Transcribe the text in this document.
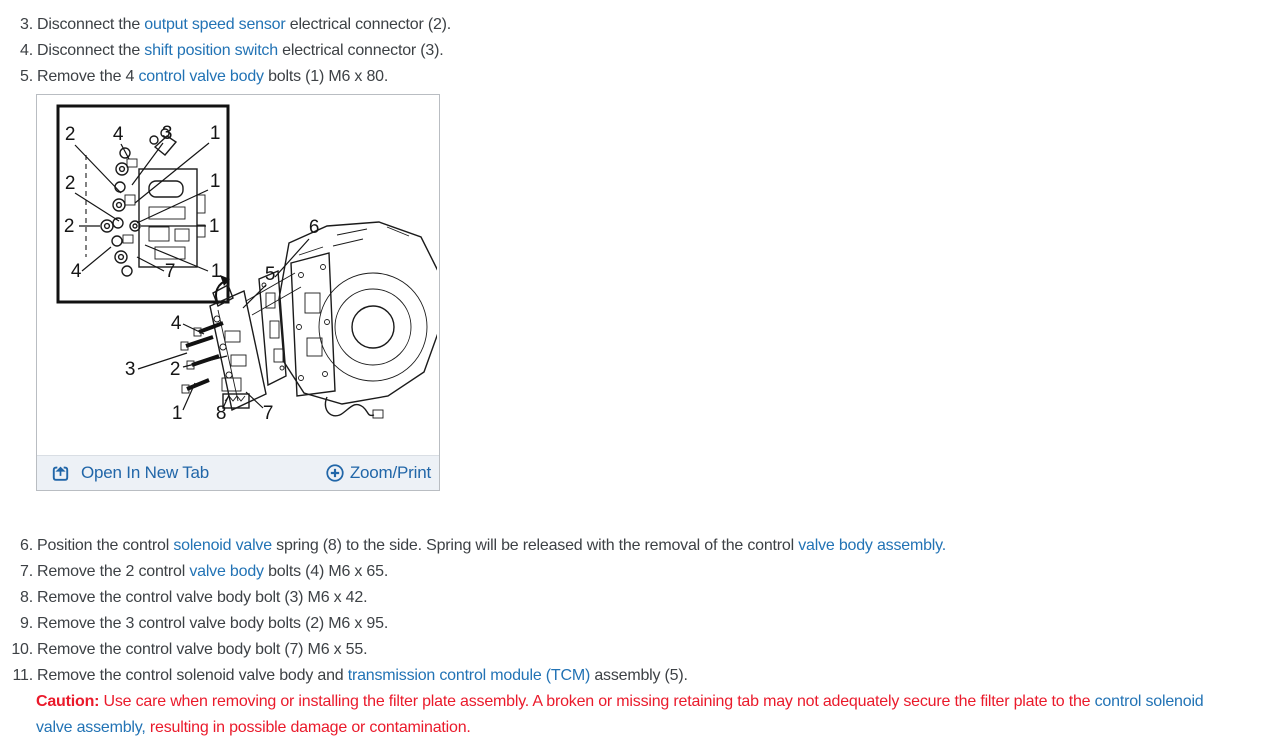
3. Disconnect the output speed sensor electrical connector (2).
4. Disconnect the shift position switch electrical connector (3).
5. Remove the 4 control valve body bolts (1) M6 x 80.
2 4 3 1
2	1
2	1
4	7 1
6
5
4
3 2
1 8 7
Open In New Tab	Zoom/Print
6. Position the control solenoid valve spring (8) to the side. Spring will be released with the removal of the control valve body assembly.
7. Remove the 2 control valve body bolts (4) M6 x 65.
8. Remove the control valve body bolt (3) M6 x 42.
9. Remove the 3 control valve body bolts (2) M6 x 95.
10. Remove the control valve body bolt (7) M6 x 55.
11. Remove the control solenoid valve body and transmission control module (TCM) assembly (5).
Caution: Use care when removing or installing the filter plate assembly. A broken or missing retaining tab may not adequately secure the filter plate to the control solenoid valve assembly, resulting in possible damage or contamination.
